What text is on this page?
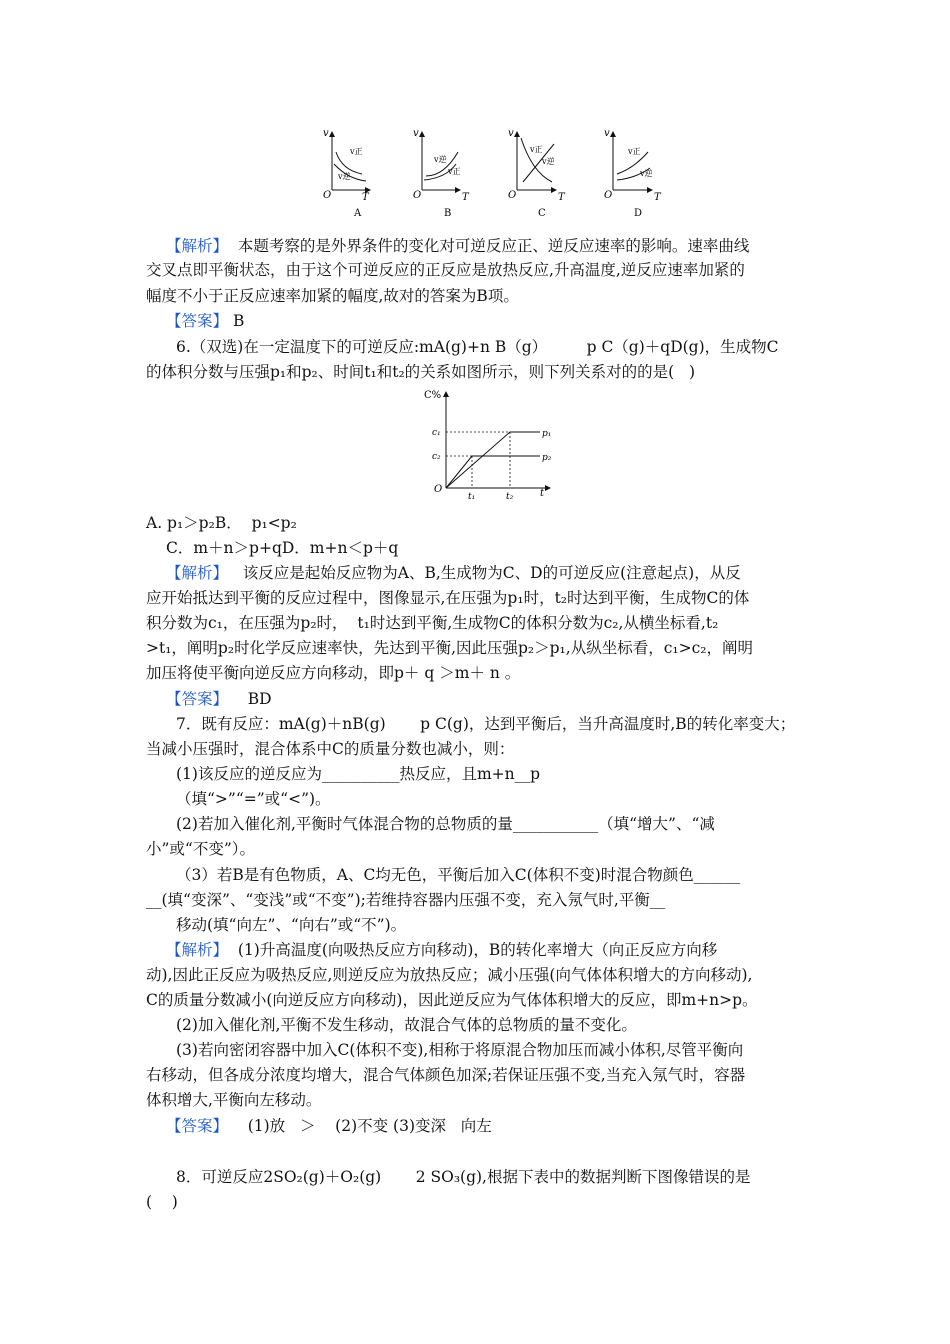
v
O	T
v正
v逆
A
v
O	T
v逆
v正
B
v
O	T
v正
v逆
C
v
O	T
v正
v逆
D
【解析】 本题考察的是外界条件的变化对可逆反应正、逆反应速率的影响。速率曲线
交叉点即平衡状态，由于这个可逆反应的正反应是放热反应,升高温度,逆反应速率加紧的
幅度不小于正反应速率加紧的幅度,故对的答案为B项。
【答案】 B
6.（双选)在一定温度下的可逆反应:mA(g)+n B（g）        p C（g)＋qD(g)，生成物C
的体积分数与压强p₁和p₂、时间t₁和t₂的关系如图所示，则下列关系对的的是(   )
C%
O	t
c₁
c₂
p₁
p₂
t₁	t₂
A. p₁＞p₂B．  p₁<p₂
C．m＋n＞p+qD．m+n＜p＋q
【解析】   该反应是起始反应物为A、B,生成物为C、D的可逆反应(注意起点)，从反
应开始抵达到平衡的反应过程中，图像显示,在压强为p₁时，t₂时达到平衡，生成物C的体
积分数为c₁，在压强为p₂时，  t₁时达到平衡,生成物C的体积分数为c₂,从横坐标看,t₂
>t₁，阐明p₂时化学反应速率快，先达到平衡,因此压强p₂＞p₁,从纵坐标看，c₁>c₂，阐明
加压将使平衡向逆反应方向移动，即p＋ q ＞m＋ n 。
【答案】    BD
7．既有反应：mA(g)＋nB(g)       p C(g)，达到平衡后，当升高温度时,B的转化率变大；
当减小压强时，混合体系中C的质量分数也减小，则：
(1)该反应的逆反应为__________热反应，且m+n__p
（填“>”“=”或“<”)。
(2)若加入催化剂,平衡时气体混合物的总物质的量___________（填“增大”、“减
小”或“不变”）。
（3）若B是有色物质，A、C均无色，平衡后加入C(体积不变)时混合物颜色______
__(填“变深”、“变浅”或“不变”);若维持容器内压强不变，充入氖气时,平衡__
移动(填“向左”、“向右”或“不”)。
【解析】  (1)升高温度(向吸热反应方向移动)，B的转化率增大（向正反应方向移
动),因此正反应为吸热反应,则逆反应为放热反应；减小压强(向气体体积增大的方向移动),
C的质量分数减小(向逆反应方向移动)，因此逆反应为气体体积增大的反应，即m+n>p。
(2)加入催化剂,平衡不发生移动，故混合气体的总物质的量不变化。
(3)若向密闭容器中加入C(体积不变),相称于将原混合物加压而减小体积,尽管平衡向
右移动，但各成分浓度均增大，混合气体颜色加深;若保证压强不变,当充入氖气时，容器
体积增大,平衡向左移动。
【答案】    (1)放   ＞    (2)不变 (3)变深   向左
8．可逆反应2SO₂(g)＋O₂(g)       2 SO₃(g),根据下表中的数据判断下图像错误的是
(    )
